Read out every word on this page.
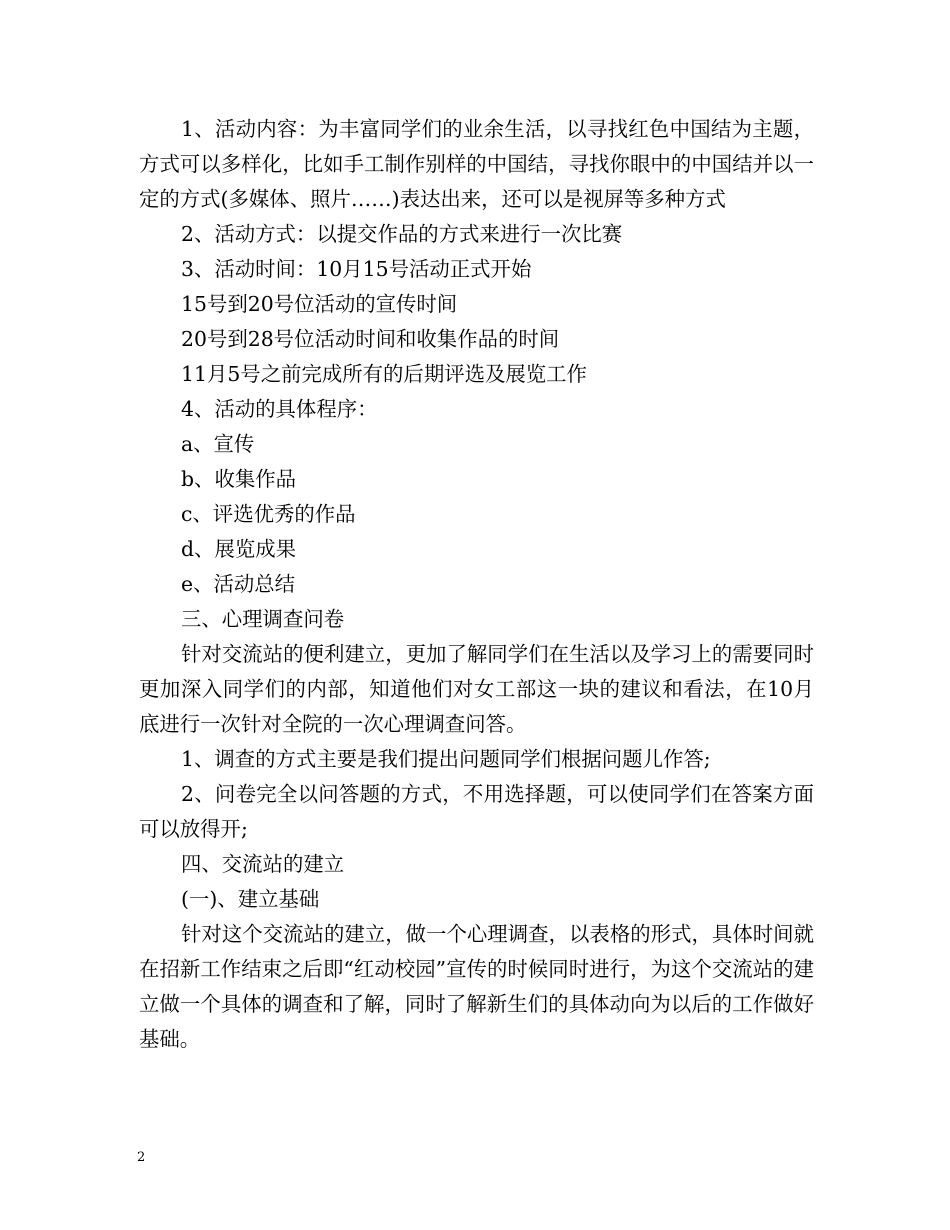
1、活动内容：为丰富同学们的业余生活，以寻找红色中国结为主题，方式可以多样化，比如手工制作别样的中国结，寻找你眼中的中国结并以一定的方式(多媒体、照片……)表达出来，还可以是视屏等多种方式

2、活动方式：以提交作品的方式来进行一次比赛

3、活动时间：10月15号活动正式开始

15号到20号位活动的宣传时间

20号到28号位活动时间和收集作品的时间

11月5号之前完成所有的后期评选及展览工作

4、活动的具体程序：

a、宣传

b、收集作品

c、评选优秀的作品

d、展览成果

e、活动总结

三、心理调查问卷

针对交流站的便利建立，更加了解同学们在生活以及学习上的需要同时更加深入同学们的内部，知道他们对女工部这一块的建议和看法，在10月底进行一次针对全院的一次心理调查问答。

1、调查的方式主要是我们提出问题同学们根据问题儿作答;

2、问卷完全以问答题的方式，不用选择题，可以使同学们在答案方面可以放得开;

四、交流站的建立

(一)、建立基础

针对这个交流站的建立，做一个心理调查，以表格的形式，具体时间就在招新工作结束之后即“红动校园”宣传的时候同时进行，为这个交流站的建立做一个具体的调查和了解，同时了解新生们的具体动向为以后的工作做好基础。

2
